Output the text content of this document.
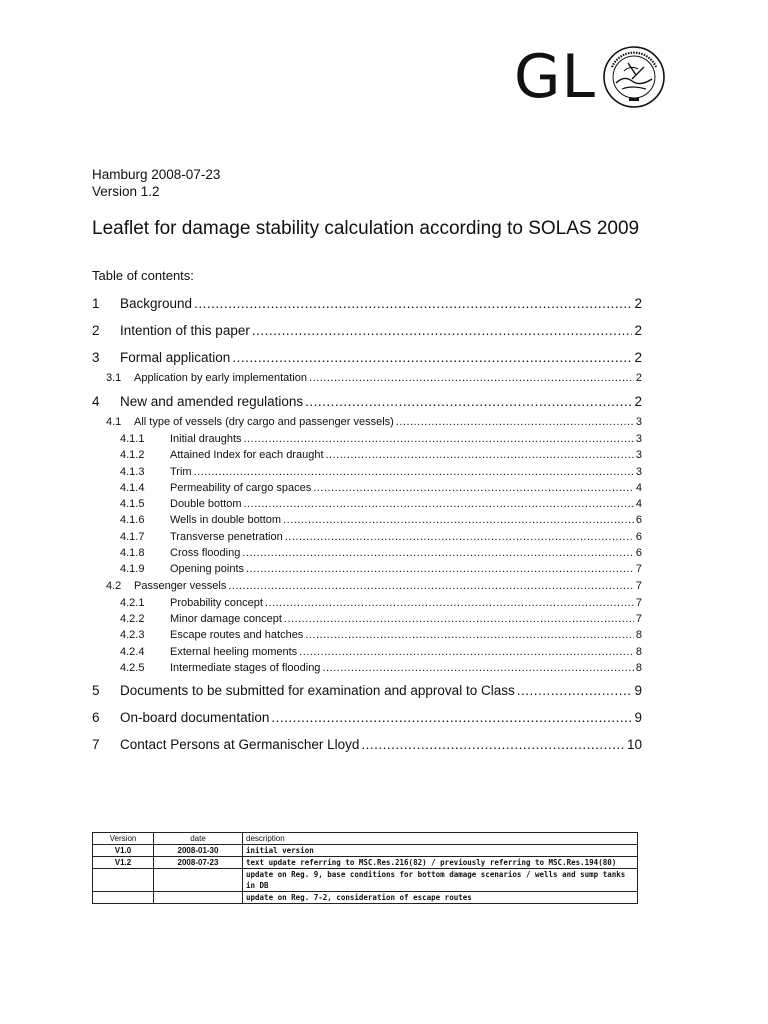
GL
Hamburg 2008-07-23
Version 1.2
Leaflet for damage stability calculation according to SOLAS 2009
Table of contents:
1	Background .....	2
2	Intention of this paper .....	2
3	Formal application .....	2
3.1	Application by early implementation .....	2
4	New and amended regulations .....	2
4.1	All type of vessels (dry cargo and passenger vessels) .....	3
4.1.1	Initial draughts .....	3
4.1.2	Attained Index for each draught .....	3
4.1.3	Trim .....	3
4.1.4	Permeability of cargo spaces .....	4
4.1.5	Double bottom .....	4
4.1.6	Wells in double bottom .....	6
4.1.7	Transverse penetration .....	6
4.1.8	Cross flooding .....	6
4.1.9	Opening points .....	7
4.2	Passenger vessels .....	7
4.2.1	Probability concept .....	7
4.2.2	Minor damage concept .....	7
4.2.3	Escape routes and hatches .....	8
4.2.4	External heeling moments .....	8
4.2.5	Intermediate stages of flooding .....	8
5	Documents to be submitted for examination and approval to Class .....	9
6	On-board documentation .....	9
7	Contact Persons at Germanischer Lloyd .....	10
Version	date	description
V1.0	2008-01-30	initial version
V1.2	2008-07-23	text update referring to MSC.Res.216(82) / previously referring to MSC.Res.194(80)
		update on Reg. 9, base conditions for bottom damage scenarios / wells and sump tanks in DB
		update on Reg. 7-2, consideration of escape routes
